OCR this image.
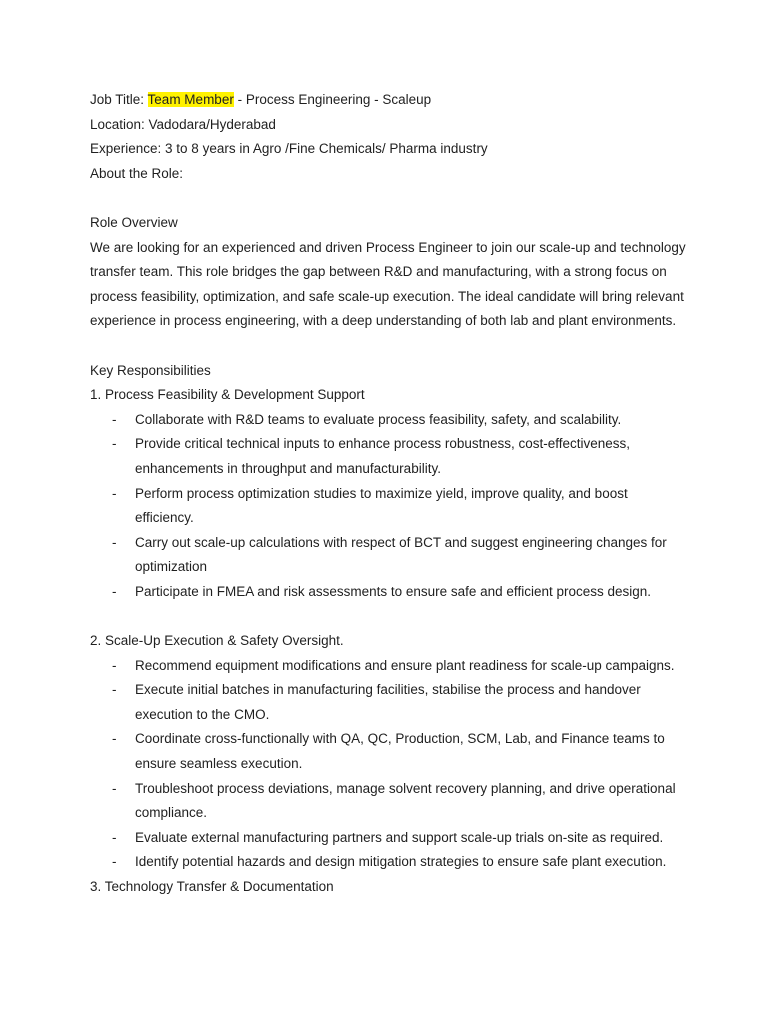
Job Title: Team Member - Process Engineering - Scaleup
Location: Vadodara/Hyderabad
Experience: 3 to 8 years in Agro /Fine Chemicals/ Pharma industry
About the Role:
Role Overview
We are looking for an experienced and driven Process Engineer to join our scale-up and technology
transfer team. This role bridges the gap between R&D and manufacturing, with a strong focus on
process feasibility, optimization, and safe scale-up execution. The ideal candidate will bring relevant
experience in process engineering, with a deep understanding of both lab and plant environments.
Key Responsibilities
1. Process Feasibility & Development Support
- Collaborate with R&D teams to evaluate process feasibility, safety, and scalability.
- Provide critical technical inputs to enhance process robustness, cost-effectiveness,
enhancements in throughput and manufacturability.
- Perform process optimization studies to maximize yield, improve quality, and boost
efficiency.
- Carry out scale-up calculations with respect of BCT and suggest engineering changes for
optimization
- Participate in FMEA and risk assessments to ensure safe and efficient process design.
2. Scale-Up Execution & Safety Oversight.
- Recommend equipment modifications and ensure plant readiness for scale-up campaigns.
- Execute initial batches in manufacturing facilities, stabilise the process and handover
execution to the CMO.
- Coordinate cross-functionally with QA, QC, Production, SCM, Lab, and Finance teams to
ensure seamless execution.
- Troubleshoot process deviations, manage solvent recovery planning, and drive operational
compliance.
- Evaluate external manufacturing partners and support scale-up trials on-site as required.
- Identify potential hazards and design mitigation strategies to ensure safe plant execution.
3. Technology Transfer & Documentation
